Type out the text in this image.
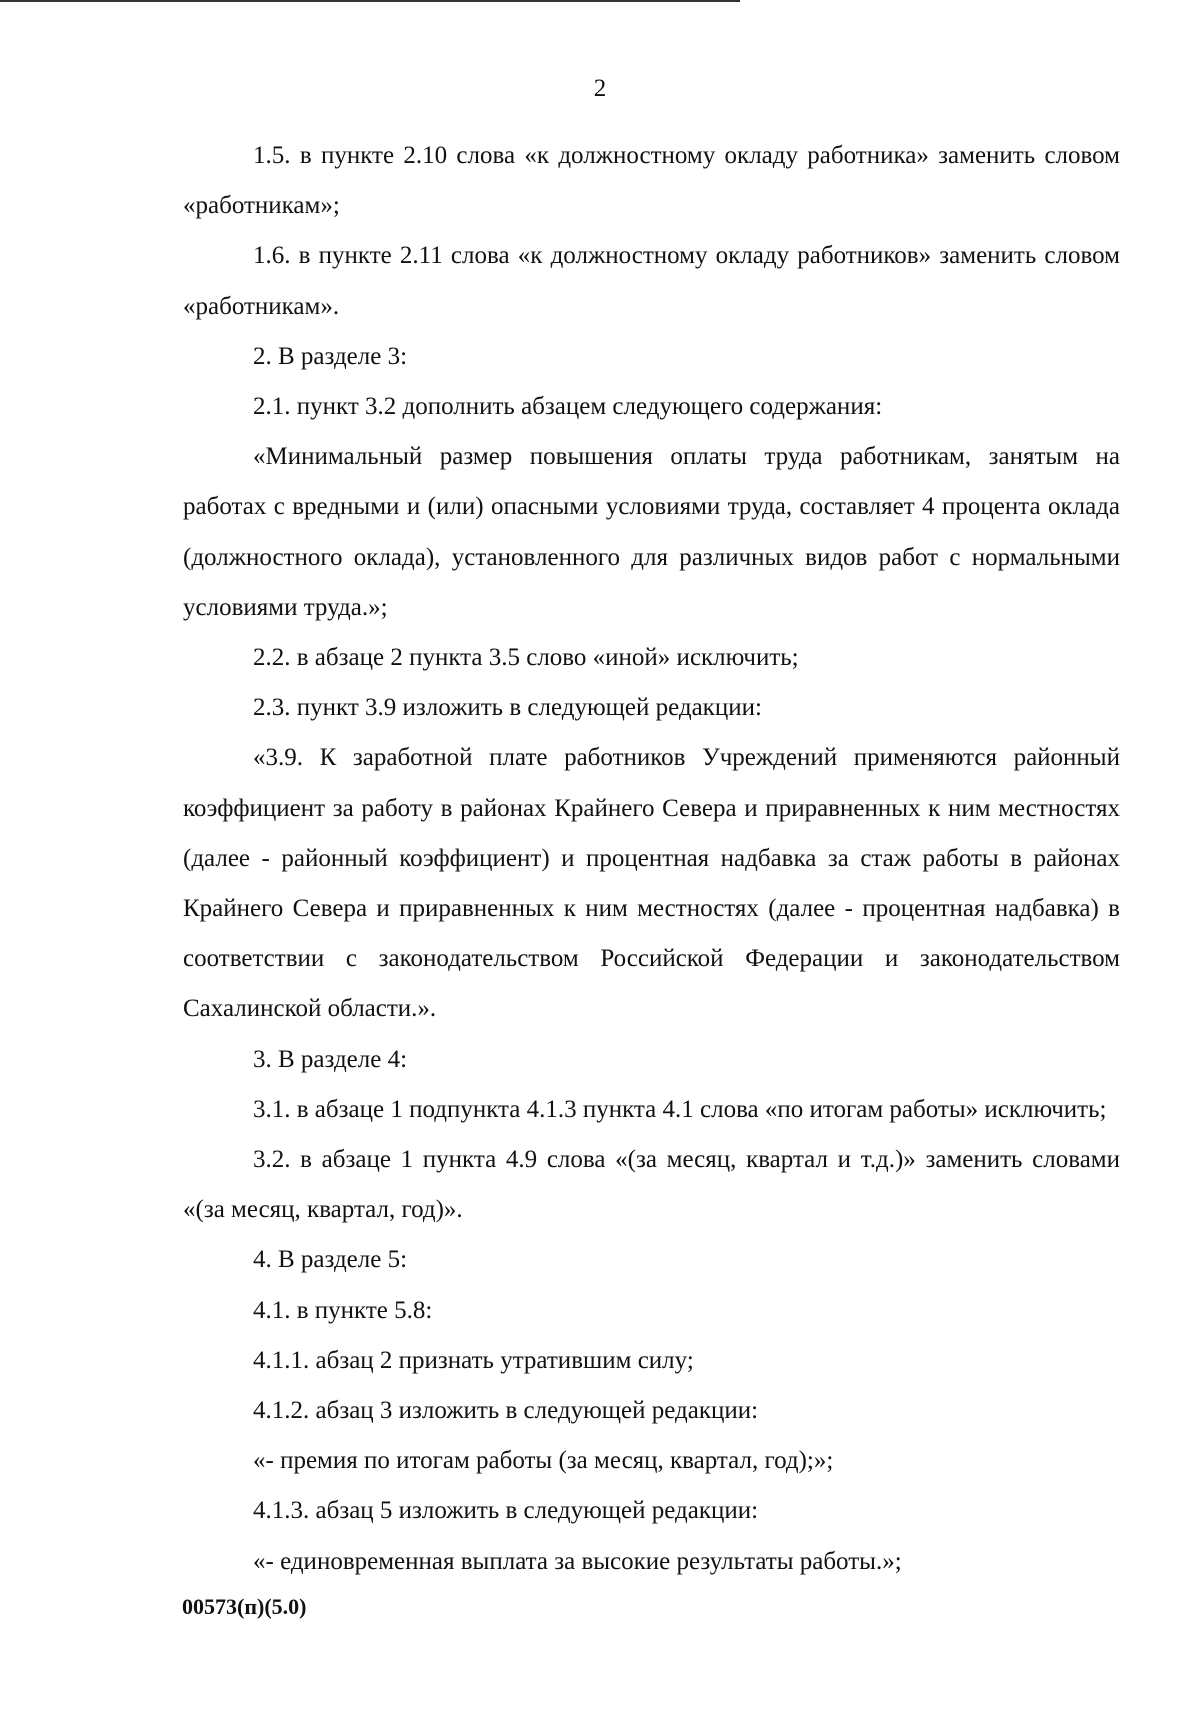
2

1.5. в пункте 2.10 слова «к должностному окладу работника» заменить словом «работникам»;

1.6. в пункте 2.11 слова «к должностному окладу работников» заменить словом «работникам».

2. В разделе 3:

2.1. пункт 3.2 дополнить абзацем следующего содержания:

«Минимальный размер повышения оплаты труда работникам, занятым на работах с вредными и (или) опасными условиями труда, составляет 4 процента оклада (должностного оклада), установленного для различных видов работ с нормальными условиями труда.»;

2.2. в абзаце 2 пункта 3.5 слово «иной» исключить;

2.3. пункт 3.9 изложить в следующей редакции:

«3.9. К заработной плате работников Учреждений применяются районный коэффициент за работу в районах Крайнего Севера и приравненных к ним местностях (далее - районный коэффициент) и процентная надбавка за стаж работы в районах Крайнего Севера и приравненных к ним местностях (далее - процентная надбавка) в соответствии с законодательством Российской Федерации и законодательством Сахалинской области.».

3. В разделе 4:

3.1. в абзаце 1 подпункта 4.1.3 пункта 4.1 слова «по итогам работы» исключить;

3.2. в абзаце 1 пункта 4.9 слова «(за месяц, квартал и т.д.)» заменить словами «(за месяц, квартал, год)».

4. В разделе 5:

4.1. в пункте 5.8:

4.1.1. абзац 2 признать утратившим силу;

4.1.2. абзац 3 изложить в следующей редакции:

«- премия по итогам работы (за месяц, квартал, год);»;

4.1.3. абзац 5 изложить в следующей редакции:

«- единовременная выплата за высокие результаты работы.»;

00573(п)(5.0)
